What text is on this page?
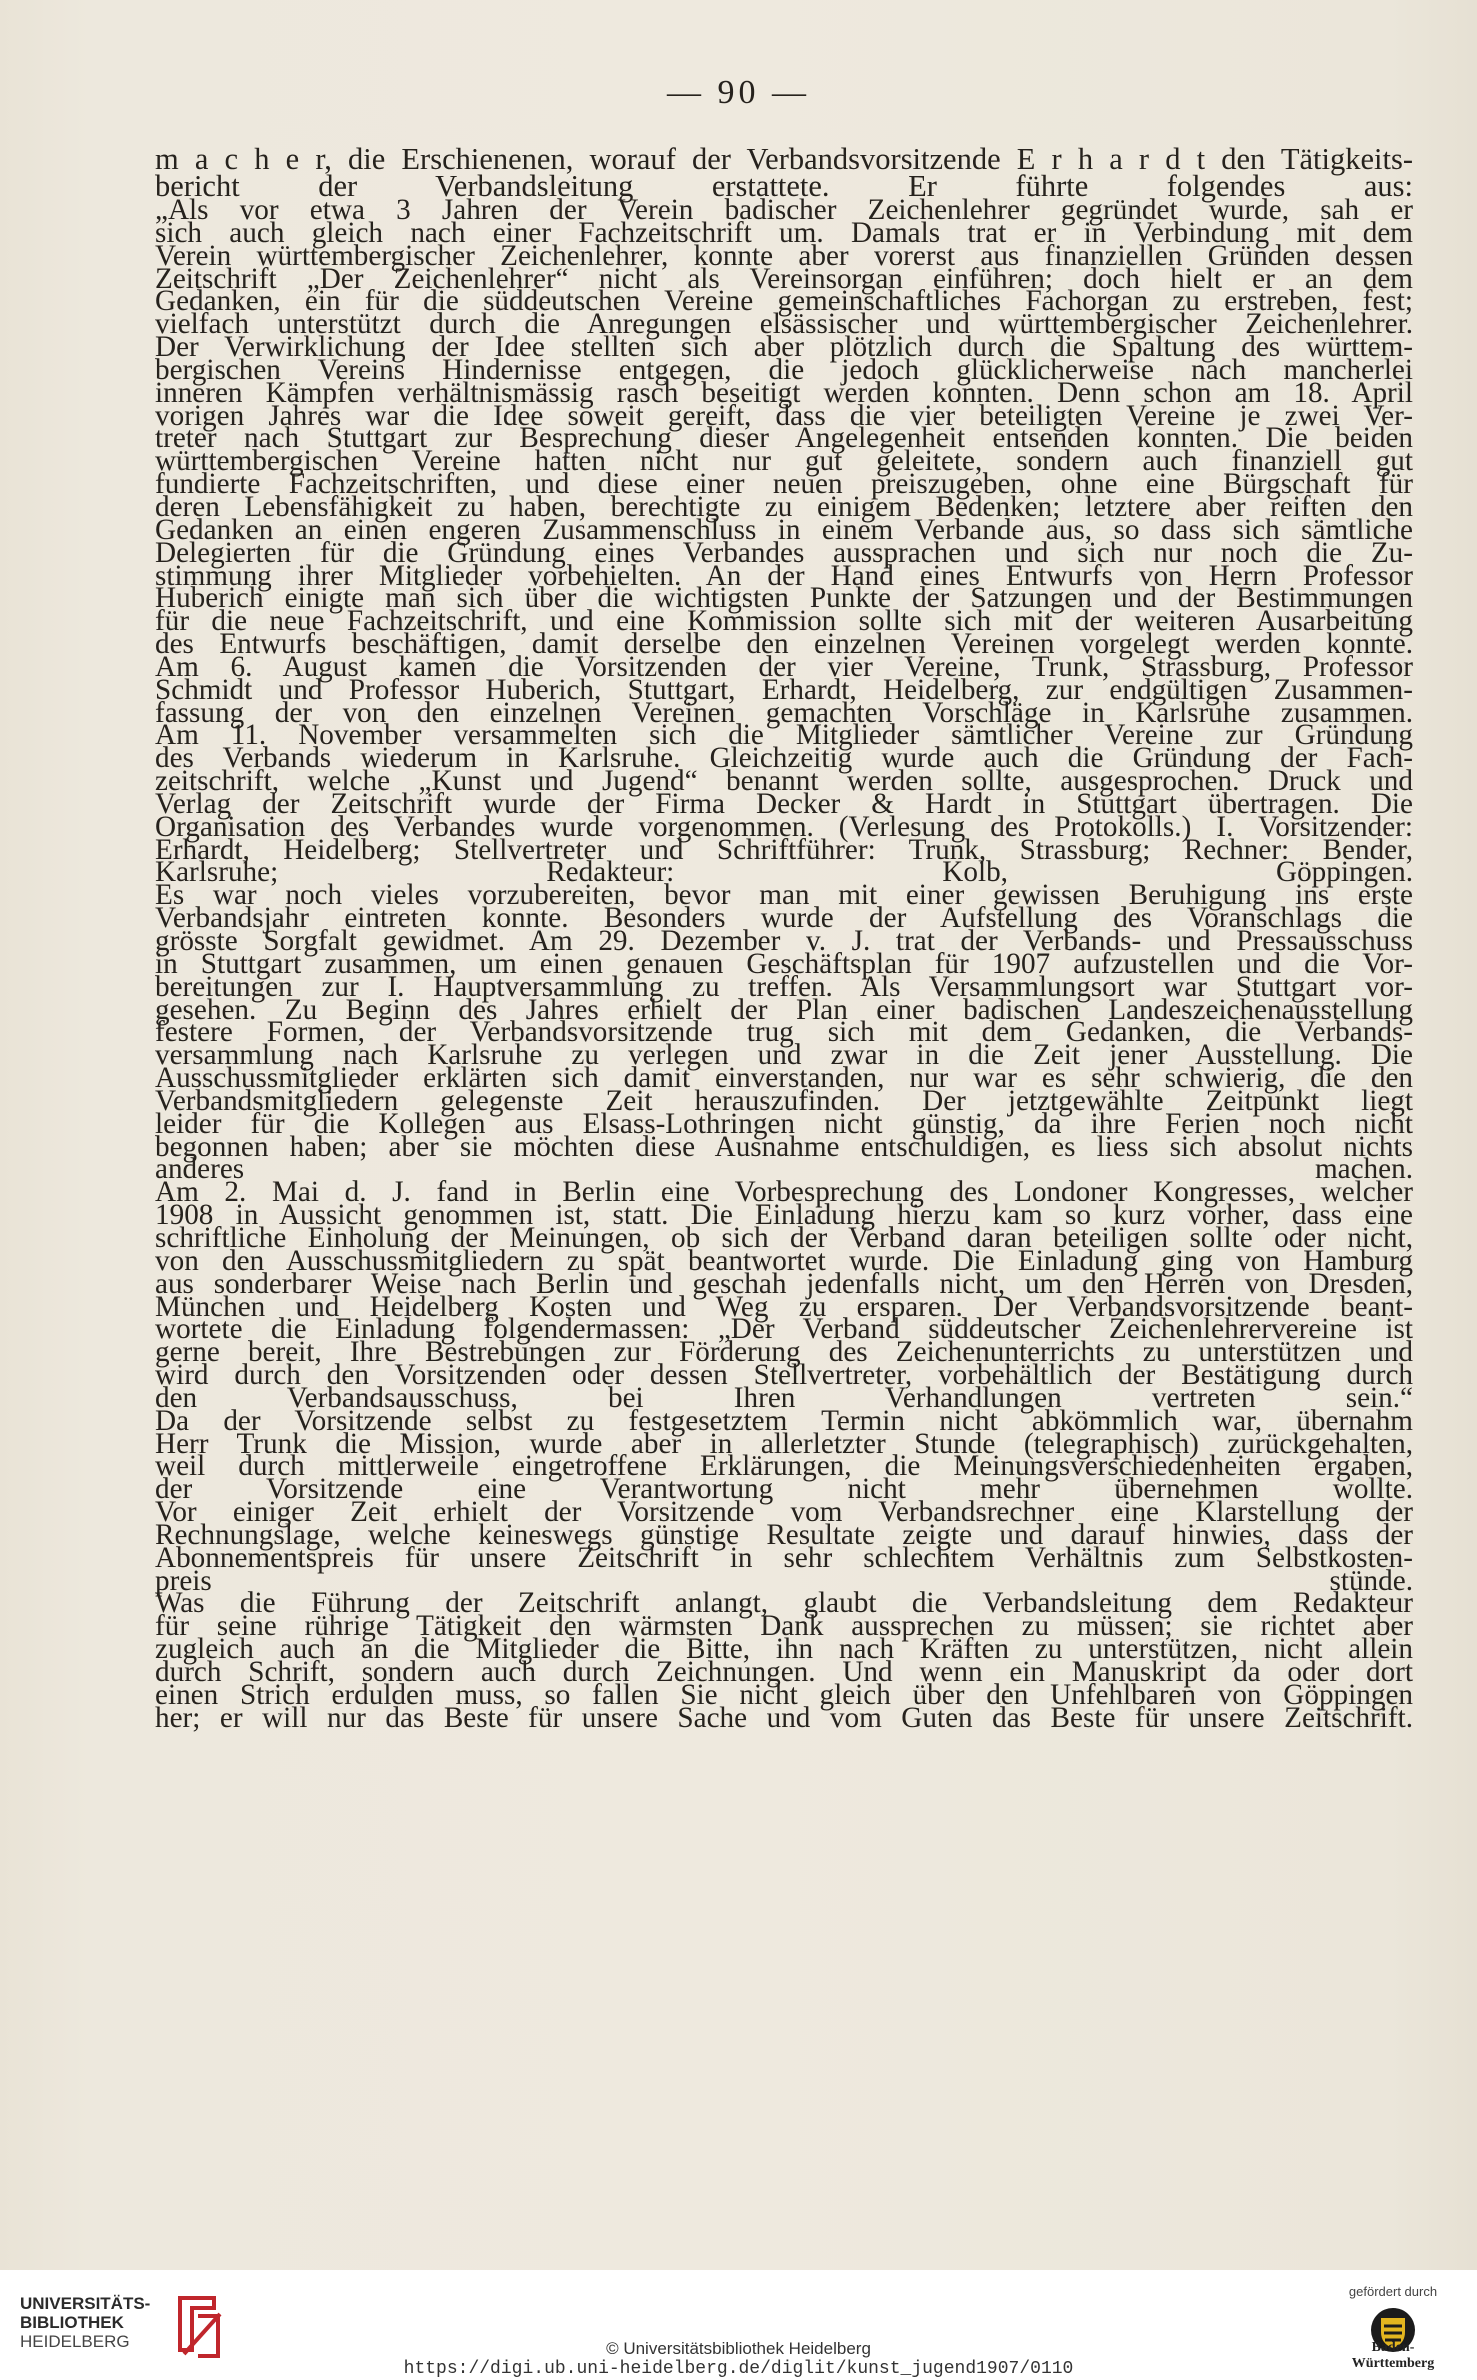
— 90 —

m a c h e r, die Erschienenen, worauf der Verbandsvorsitzende E r h a r d t den Tätigkeits-
bericht der Verbandsleitung erstattete. Er führte folgendes aus:

„Als vor etwa 3 Jahren der Verein badischer Zeichenlehrer gegründet wurde, sah er
sich auch gleich nach einer Fachzeitschrift um. Damals trat er in Verbindung mit dem
Verein württembergischer Zeichenlehrer, konnte aber vorerst aus finanziellen Gründen dessen
Zeitschrift „Der Zeichenlehrer“ nicht als Vereinsorgan einführen; doch hielt er an dem
Gedanken, ein für die süddeutschen Vereine gemeinschaftliches Fachorgan zu erstreben, fest;
vielfach unterstützt durch die Anregungen elsässischer und württembergischer Zeichenlehrer.
Der Verwirklichung der Idee stellten sich aber plötzlich durch die Spaltung des württem-
bergischen Vereins Hindernisse entgegen, die jedoch glücklicherweise nach mancherlei
inneren Kämpfen verhältnismässig rasch beseitigt werden konnten. Denn schon am 18. April
vorigen Jahres war die Idee soweit gereift, dass die vier beteiligten Vereine je zwei Ver-
treter nach Stuttgart zur Besprechung dieser Angelegenheit entsenden konnten. Die beiden
württembergischen Vereine hatten nicht nur gut geleitete, sondern auch finanziell gut
fundierte Fachzeitschriften, und diese einer neuen preiszugeben, ohne eine Bürgschaft für
deren Lebensfähigkeit zu haben, berechtigte zu einigem Bedenken; letztere aber reiften den
Gedanken an einen engeren Zusammenschluss in einem Verbande aus, so dass sich sämtliche
Delegierten für die Gründung eines Verbandes aussprachen und sich nur noch die Zu-
stimmung ihrer Mitglieder vorbehielten. An der Hand eines Entwurfs von Herrn Professor
Huberich einigte man sich über die wichtigsten Punkte der Satzungen und der Bestimmungen
für die neue Fachzeitschrift, und eine Kommission sollte sich mit der weiteren Ausarbeitung
des Entwurfs beschäftigen, damit derselbe den einzelnen Vereinen vorgelegt werden konnte.

Am 6. August kamen die Vorsitzenden der vier Vereine, Trunk, Strassburg, Professor
Schmidt und Professor Huberich, Stuttgart, Erhardt, Heidelberg, zur endgültigen Zusammen-
fassung der von den einzelnen Vereinen gemachten Vorschläge in Karlsruhe zusammen.

Am 11. November versammelten sich die Mitglieder sämtlicher Vereine zur Gründung
des Verbands wiederum in Karlsruhe. Gleichzeitig wurde auch die Gründung der Fach-
zeitschrift, welche „Kunst und Jugend“ benannt werden sollte, ausgesprochen. Druck und
Verlag der Zeitschrift wurde der Firma Decker & Hardt in Stuttgart übertragen. Die
Organisation des Verbandes wurde vorgenommen. (Verlesung des Protokolls.) I. Vorsitzender:
Erhardt, Heidelberg; Stellvertreter und Schriftführer: Trunk, Strassburg; Rechner: Bender,
Karlsruhe; Redakteur: Kolb, Göppingen.

Es war noch vieles vorzubereiten, bevor man mit einer gewissen Beruhigung ins erste
Verbandsjahr eintreten konnte. Besonders wurde der Aufstellung des Voranschlags die
grösste Sorgfalt gewidmet. Am 29. Dezember v. J. trat der Verbands- und Pressausschuss
in Stuttgart zusammen, um einen genauen Geschäftsplan für 1907 aufzustellen und die Vor-
bereitungen zur I. Hauptversammlung zu treffen. Als Versammlungsort war Stuttgart vor-
gesehen. Zu Beginn des Jahres erhielt der Plan einer badischen Landeszeichenausstellung
festere Formen, der Verbandsvorsitzende trug sich mit dem Gedanken, die Verbands-
versammlung nach Karlsruhe zu verlegen und zwar in die Zeit jener Ausstellung. Die
Ausschussmitglieder erklärten sich damit einverstanden, nur war es sehr schwierig, die den
Verbandsmitgliedern gelegenste Zeit herauszufinden. Der jetztgewählte Zeitpunkt liegt
leider für die Kollegen aus Elsass-Lothringen nicht günstig, da ihre Ferien noch nicht
begonnen haben; aber sie möchten diese Ausnahme entschuldigen, es liess sich absolut nichts
anderes machen.

Am 2. Mai d. J. fand in Berlin eine Vorbesprechung des Londoner Kongresses, welcher
1908 in Aussicht genommen ist, statt. Die Einladung hierzu kam so kurz vorher, dass eine
schriftliche Einholung der Meinungen, ob sich der Verband daran beteiligen sollte oder nicht,
von den Ausschussmitgliedern zu spät beantwortet wurde. Die Einladung ging von Hamburg
aus sonderbarer Weise nach Berlin und geschah jedenfalls nicht, um den Herren von Dresden,
München und Heidelberg Kosten und Weg zu ersparen. Der Verbandsvorsitzende beant-
wortete die Einladung folgendermassen: „Der Verband süddeutscher Zeichenlehrervereine ist
gerne bereit, Ihre Bestrebungen zur Förderung des Zeichenunterrichts zu unterstützen und
wird durch den Vorsitzenden oder dessen Stellvertreter, vorbehältlich der Bestätigung durch
den Verbandsausschuss, bei Ihren Verhandlungen vertreten sein.“

Da der Vorsitzende selbst zu festgesetztem Termin nicht abkömmlich war, übernahm
Herr Trunk die Mission, wurde aber in allerletzter Stunde (telegraphisch) zurückgehalten,
weil durch mittlerweile eingetroffene Erklärungen, die Meinungsverschiedenheiten ergaben,
der Vorsitzende eine Verantwortung nicht mehr übernehmen wollte.

Vor einiger Zeit erhielt der Vorsitzende vom Verbandsrechner eine Klarstellung der
Rechnungslage, welche keineswegs günstige Resultate zeigte und darauf hinwies, dass der
Abonnementspreis für unsere Zeitschrift in sehr schlechtem Verhältnis zum Selbstkosten-
preis stünde.

Was die Führung der Zeitschrift anlangt, glaubt die Verbandsleitung dem Redakteur
für seine rührige Tätigkeit den wärmsten Dank aussprechen zu müssen; sie richtet aber
zugleich auch an die Mitglieder die Bitte, ihn nach Kräften zu unterstützen, nicht allein
durch Schrift, sondern auch durch Zeichnungen. Und wenn ein Manuskript da oder dort
einen Strich erdulden muss, so fallen Sie nicht gleich über den Unfehlbaren von Göppingen
her; er will nur das Beste für unsere Sache und vom Guten das Beste für unsere Zeitschrift.

UNIVERSITÄTS-
BIBLIOTHEK
HEIDELBERG	© Universitätsbibliothek Heidelberg
https://digi.ub.uni-heidelberg.de/diglit/kunst_jugend1907/0110
gefördert durch
Baden-Württemberg
